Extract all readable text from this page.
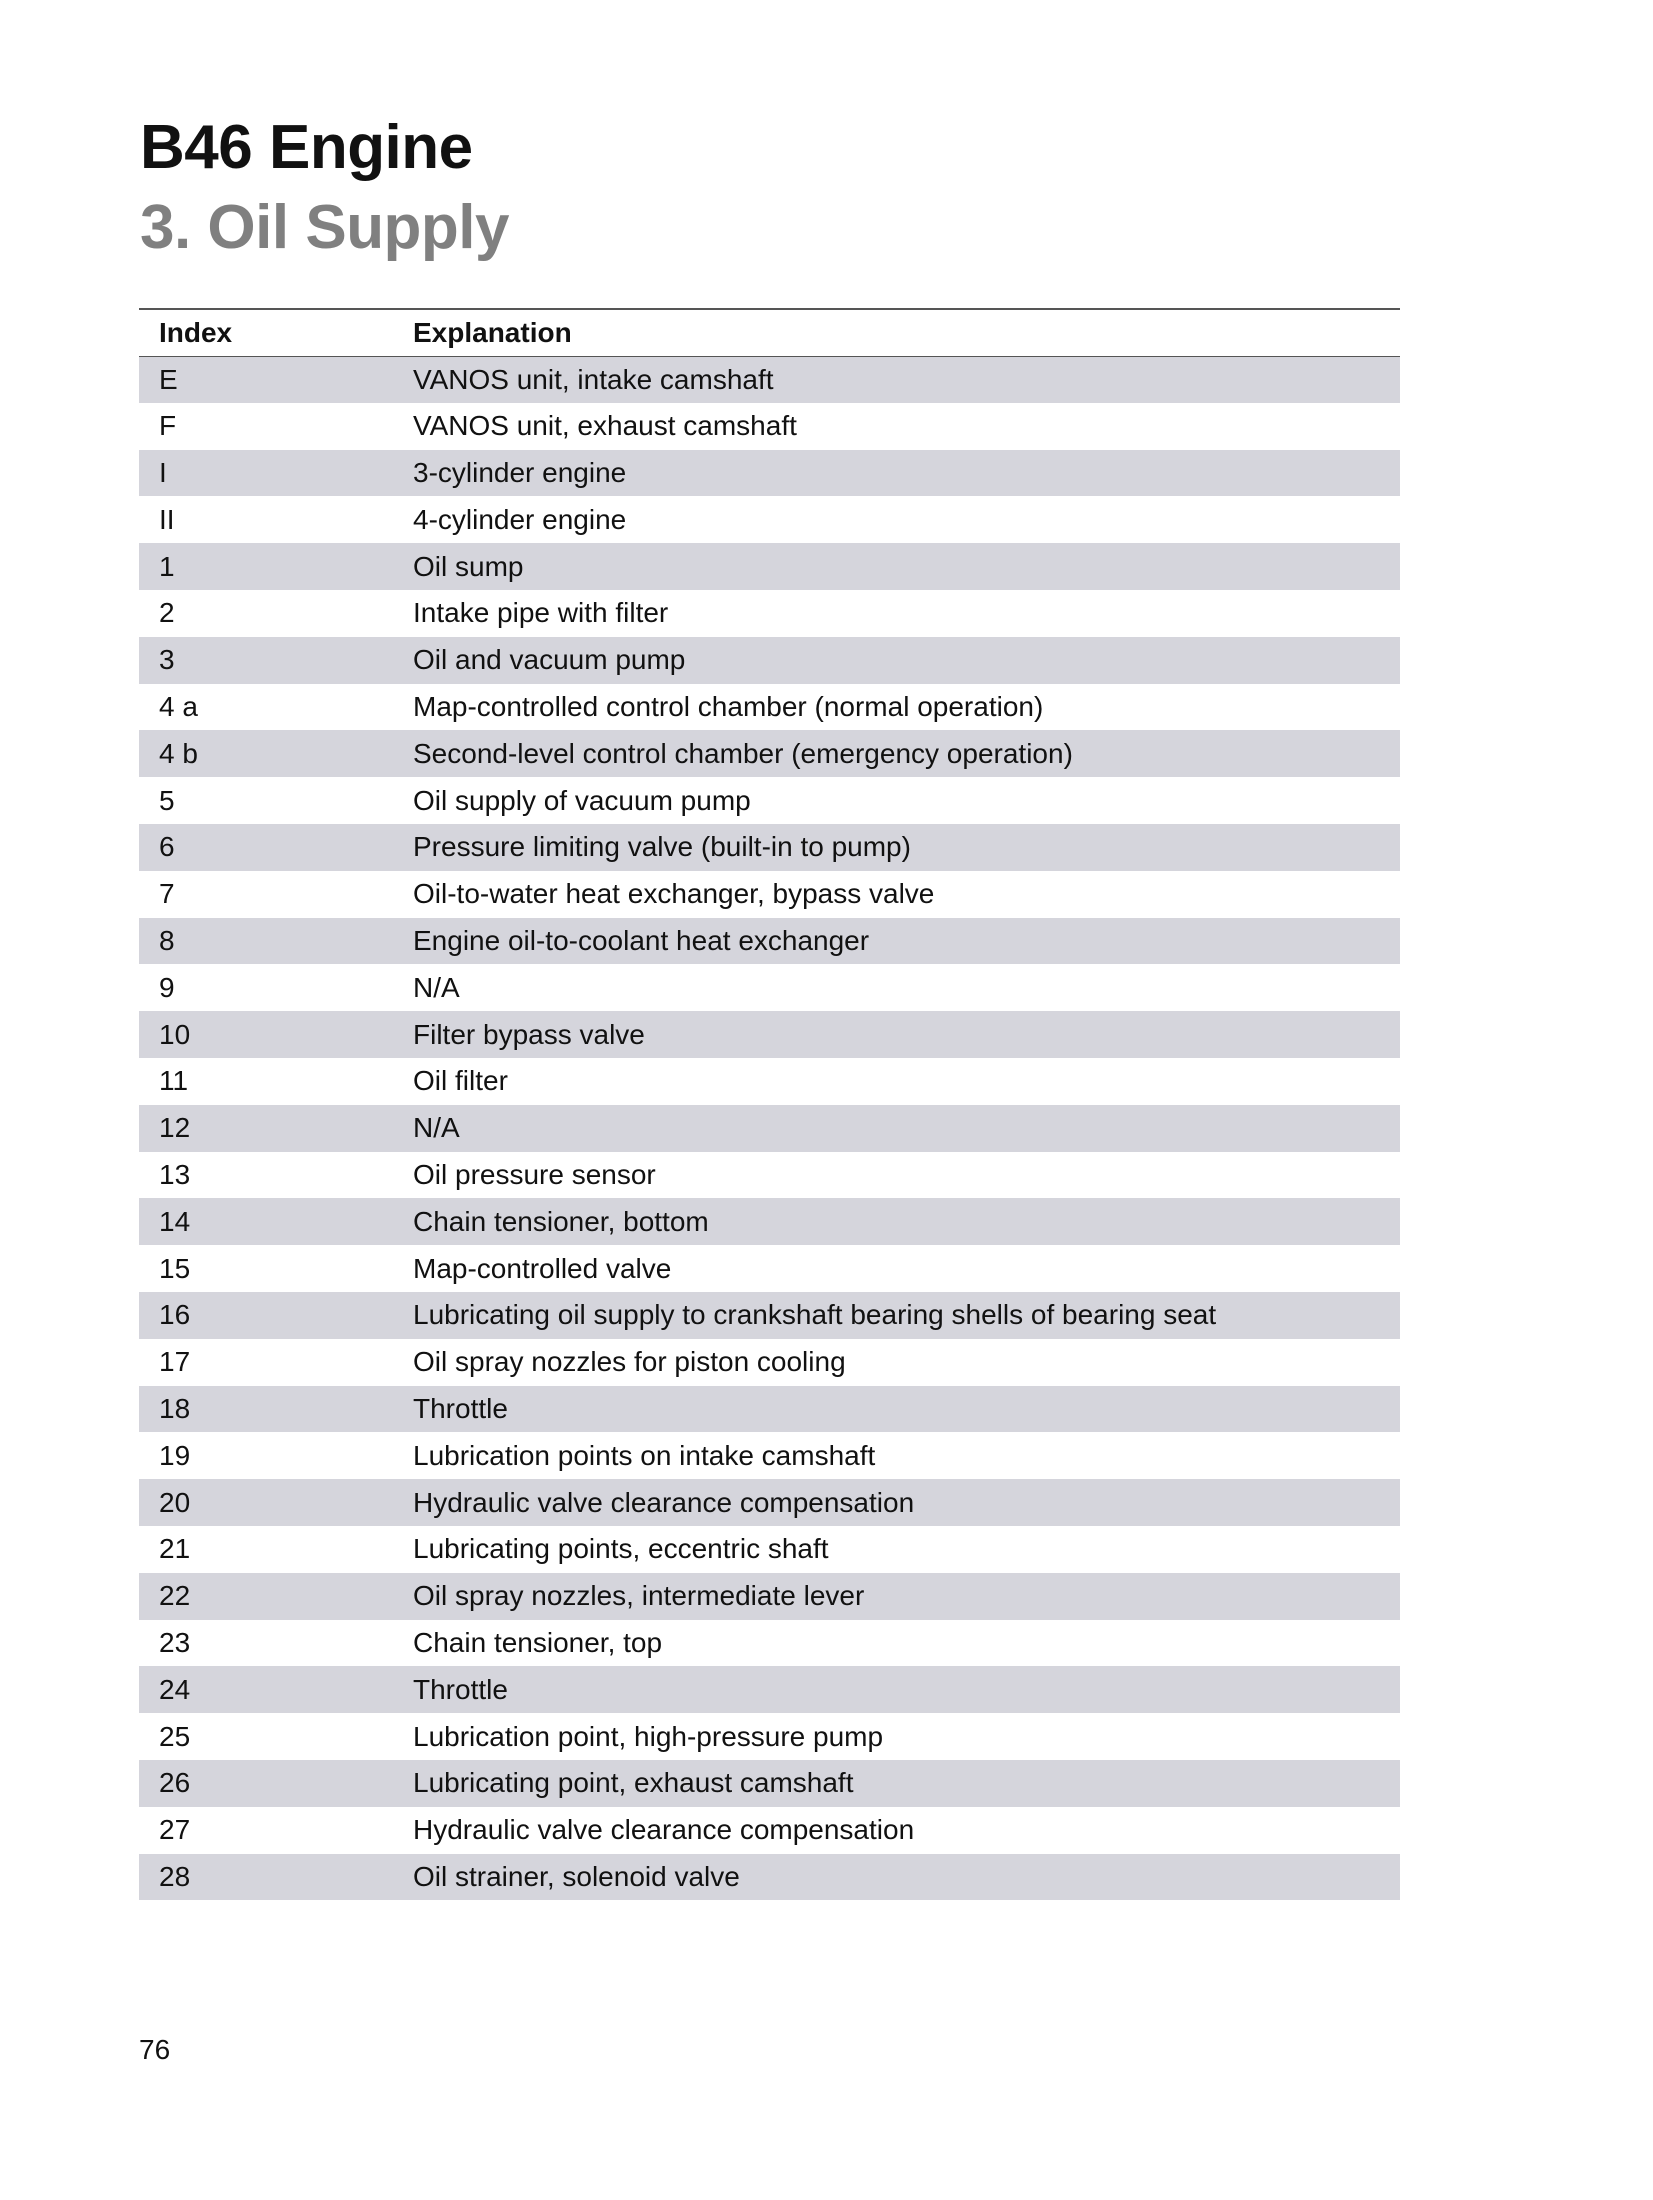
B46 Engine
3. Oil Supply
Index	Explanation
E	VANOS unit, intake camshaft
F	VANOS unit, exhaust camshaft
I	3-cylinder engine
II	4-cylinder engine
1	Oil sump
2	Intake pipe with filter
3	Oil and vacuum pump
4 a	Map-controlled control chamber (normal operation)
4 b	Second-level control chamber (emergency operation)
5	Oil supply of vacuum pump
6	Pressure limiting valve (built-in to pump)
7	Oil-to-water heat exchanger, bypass valve
8	Engine oil-to-coolant heat exchanger
9	N/A
10	Filter bypass valve
11	Oil filter
12	N/A
13	Oil pressure sensor
14	Chain tensioner, bottom
15	Map-controlled valve
16	Lubricating oil supply to crankshaft bearing shells of bearing seat
17	Oil spray nozzles for piston cooling
18	Throttle
19	Lubrication points on intake camshaft
20	Hydraulic valve clearance compensation
21	Lubricating points, eccentric shaft
22	Oil spray nozzles, intermediate lever
23	Chain tensioner, top
24	Throttle
25	Lubrication point, high-pressure pump
26	Lubricating point, exhaust camshaft
27	Hydraulic valve clearance compensation
28	Oil strainer, solenoid valve
76
